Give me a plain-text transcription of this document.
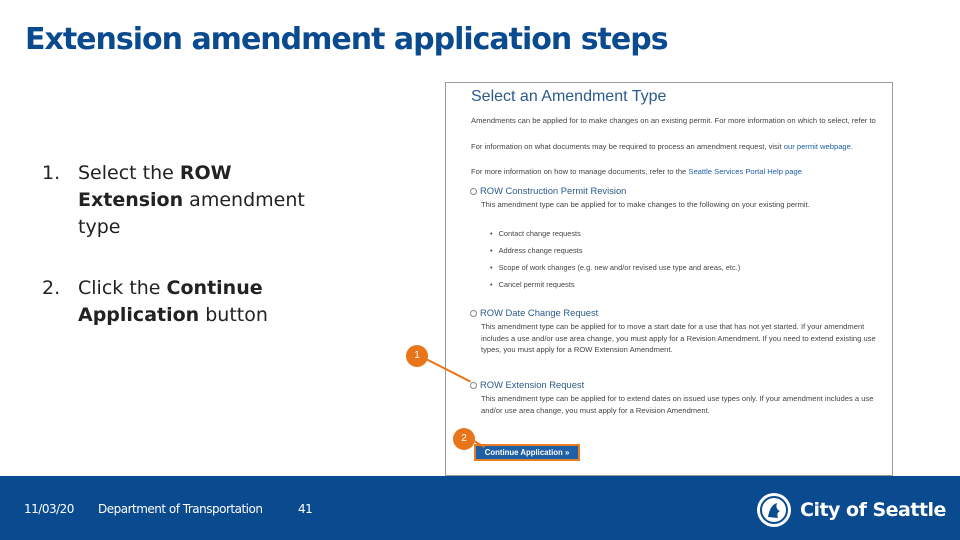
Extension amendment application steps
1. Select the ROW Extension amendment type
2. Click the Continue Application button
Select an Amendment Type
Amendments can be applied for to make changes on an existing permit. For more information on which to select, refer to
For information on what documents may be required to process an amendment request, visit our permit webpage.
For more information on how to manage documents, refer to the Seattle Services Portal Help page
ROW Construction Permit Revision
This amendment type can be applied for to make changes to the following on your existing permit.
• Contact change requests
• Address change requests
• Scope of work changes (e.g. new and/or revised use type and areas, etc.)
• Cancel permit requests
ROW Date Change Request
This amendment type can be applied for to move a start date for a use that has not yet started. If your amendment includes a use and/or use area change, you must apply for a Revision Amendment. If you need to extend existing use types, you must apply for a ROW Extension Amendment.
ROW Extension Request
This amendment type can be applied for to extend dates on issued use types only. If your amendment includes a use and/or use area change, you must apply for a Revision Amendment.
Continue Application »
1
2
11/03/20 Department of Transportation	41	City of Seattle
